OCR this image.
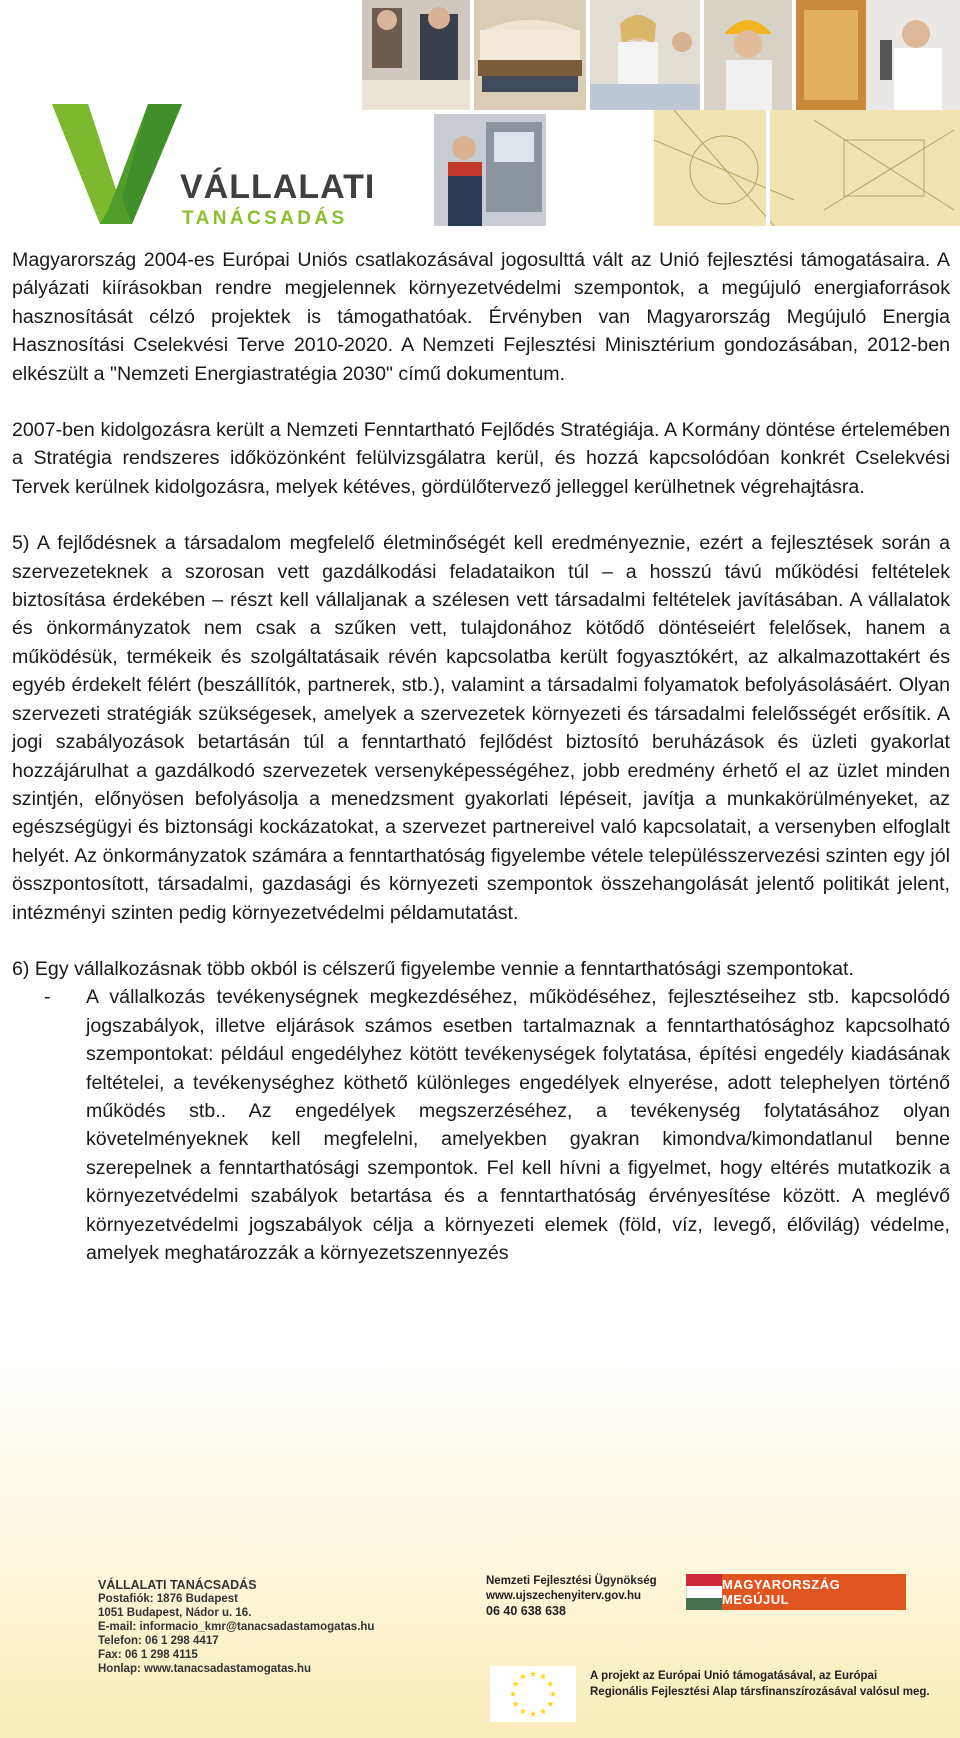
VÁLLALATI
TANÁCSADÁS

Magyarország 2004-es Európai Uniós csatlakozásával jogosulttá vált az Unió fejlesztési támogatásaira. A pályázati kiírásokban rendre megjelennek környezetvédelmi szempontok, a megújuló energiaforrások hasznosítását célzó projektek is támogathatóak. Érvényben van Magyarország Megújuló Energia Hasznosítási Cselekvési Terve 2010-2020. A Nemzeti Fejlesztési Minisztérium gondozásában, 2012-ben elkészült a "Nemzeti Energiastratégia 2030" című dokumentum.

2007-ben kidolgozásra került a Nemzeti Fenntartható Fejlődés Stratégiája. A Kormány döntése értelemében a Stratégia rendszeres időközönként felülvizsgálatra kerül, és hozzá kapcsolódóan konkrét Cselekvési Tervek kerülnek kidolgozásra, melyek kétéves, gördülőtervező jelleggel kerülhetnek végrehajtásra.

5) A fejlődésnek a társadalom megfelelő életminőségét kell eredményeznie, ezért a fejlesztések során a szervezeteknek a szorosan vett gazdálkodási feladataikon túl – a hosszú távú működési feltételek biztosítása érdekében – részt kell vállaljanak a szélesen vett társadalmi feltételek javításában. A vállalatok és önkormányzatok nem csak a szűken vett, tulajdonához kötődő döntéseiért felelősek, hanem a működésük, termékeik és szolgáltatásaik révén kapcsolatba került fogyasztókért, az alkalmazottakért és egyéb érdekelt félért (beszállítók, partnerek, stb.), valamint a társadalmi folyamatok befolyásolásáért. Olyan szervezeti stratégiák szükségesek, amelyek a szervezetek környezeti és társadalmi felelősségét erősítik. A jogi szabályozások betartásán túl a fenntartható fejlődést biztosító beruházások és üzleti gyakorlat hozzájárulhat a gazdálkodó szervezetek versenyképességéhez, jobb eredmény érhető el az üzlet minden szintjén, előnyösen befolyásolja a menedzsment gyakorlati lépéseit, javítja a munkakörülményeket, az egészségügyi és biztonsági kockázatokat, a szervezet partnereivel való kapcsolatait, a versenyben elfoglalt helyét. Az önkormányzatok számára a fenntarthatóság figyelembe vétele településszervezési szinten egy jól összpontosított, társadalmi, gazdasági és környezeti szempontok összehangolását jelentő politikát jelent, intézményi szinten pedig környezetvédelmi példamutatást.

6) Egy vállalkozásnak több okból is célszerű figyelembe vennie a fenntarthatósági szempontokat.

- A vállalkozás tevékenységnek megkezdéséhez, működéséhez, fejlesztéseihez stb. kapcsolódó jogszabályok, illetve eljárások számos esetben tartalmaznak a fenntarthatósághoz kapcsolható szempontokat: például engedélyhez kötött tevékenységek folytatása, építési engedély kiadásának feltételei, a tevékenységhez köthető különleges engedélyek elnyerése, adott telephelyen történő működés stb.. Az engedélyek megszerzéséhez, a tevékenység folytatásához olyan követelményeknek kell megfelelni, amelyekben gyakran kimondva/kimondatlanul benne szerepelnek a fenntarthatósági szempontok. Fel kell hívni a figyelmet, hogy eltérés mutatkozik a környezetvédelmi szabályok betartása és a fenntarthatóság érvényesítése között. A meglévő környezetvédelmi jogszabályok célja a környezeti elemek (föld, víz, levegő, élővilág) védelme, amelyek meghatározzák a környezetszennyezés

VÁLLALATI TANÁCSADÁS
Postafiók: 1876 Budapest
1051 Budapest, Nádor u. 16.
E-mail: informacio_kmr@tanacsadastamogatas.hu
Telefon: 06 1 298 4417
Fax: 06 1 298 4115
Honlap: www.tanacsadastamogatas.hu
Nemzeti Fejlesztési Ügynökség
www.ujszechenyiterv.gov.hu
06 40 638 638
MAGYARORSZÁG MEGÚJUL
A projekt az Európai Unió támogatásával, az Európai Regionális Fejlesztési Alap társfinanszírozásával valósul meg.
